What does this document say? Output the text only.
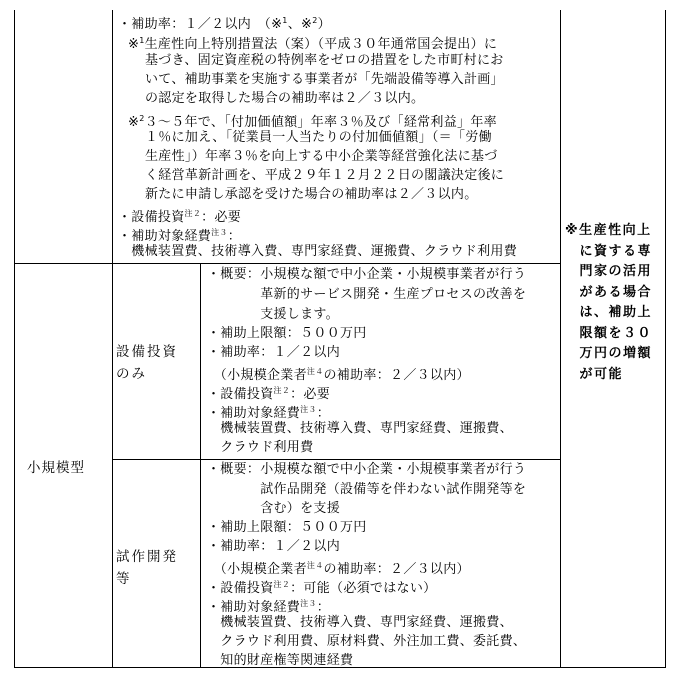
・補助率：１／２以内　（※$^1$、※$^2$）
※$^1$生産性向上特別措置法（案）（平成３０年通常国会提出）に
基づき、固定資産税の特例率をゼロの措置をした市町村にお
いて、補助事業を実施する事業者が「先端設備等導入計画」
の認定を取得した場合の補助率は２／３以内。
※$^2$３～５年で、「付加価値額」年率３％及び「経常利益」年率
１％に加え、「従業員一人当たりの付加価値額」（＝「労働
生産性」）年率３％を向上する中小企業等経営強化法に基づ
く経営革新計画を、平成２９年１２月２２日の閣議決定後に
新たに申請し承認を受けた場合の補助率は２／３以内。
・設備投資$^{注2}$：必要
・補助対象経費$^{注3}$：
　機械装置費、技術導入費、専門家経費、運搬費、クラウド利用費
※生産性向上
　に資する専
　門家の活用
　がある場合
　は、補助上
　限額を３０
　万円の増額
　が可能
小規模型
設備投資
のみ
・概要：小規模な額で中小企業・小規模事業者が行う
　　　　革新的サービス開発・生産プロセスの改善を
　　　　支援します。
・補助上限額：５００万円
・補助率：１／２以内
　（小規模企業者$^{注4}$の補助率：２／３以内）
・設備投資$^{注2}$：必要
・補助対象経費$^{注3}$：
　機械装置費、技術導入費、専門家経費、運搬費、
　クラウド利用費
試作開発
等
・概要：小規模な額で中小企業・小規模事業者が行う
　　　　試作品開発（設備等を伴わない試作開発等を
　　　　含む）を支援
・補助上限額：５００万円
・補助率：１／２以内
　（小規模企業者$^{注4}$の補助率：２／３以内）
・設備投資$^{注2}$：可能（必須ではない）
・補助対象経費$^{注3}$：
　機械装置費、技術導入費、専門家経費、運搬費、
　クラウド利用費、原材料費、外注加工費、委託費、
　知的財産権等関連経費
